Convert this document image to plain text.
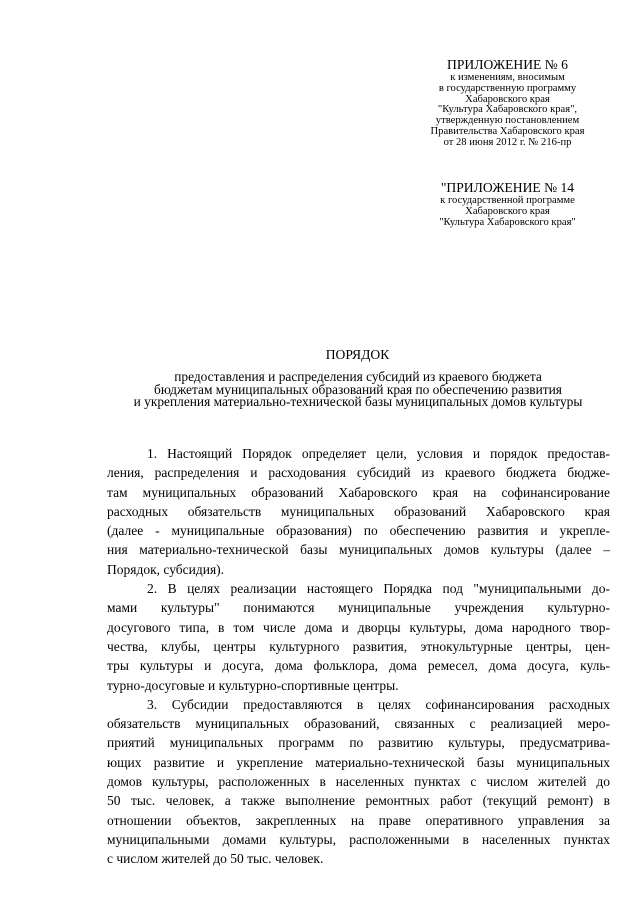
ПРИЛОЖЕНИЕ № 6
к изменениям, вносимым
в государственную программу
Хабаровского края
"Культура Хабаровского края",
утвержденную постановлением
Правительства Хабаровского края
от 28 июня 2012 г. № 216-пр
"ПРИЛОЖЕНИЕ № 14
к государственной программе
Хабаровского края
"Культура Хабаровского края"
ПОРЯДОК
предоставления и распределения субсидий из краевого бюджета
бюджетам муниципальных образований края по обеспечению развития
и укрепления материально-технической базы муниципальных домов культуры

1. Настоящий Порядок определяет цели, условия и порядок предостав-
ления, распределения и расходования субсидий из краевого бюджета бюдже-
там муниципальных образований Хабаровского края на софинансирование
расходных обязательств муниципальных образований Хабаровского края
(далее - муниципальные образования) по обеспечению развития и укрепле-
ния материально-технической базы муниципальных домов культуры (далее –
Порядок, субсидия).

2. В целях реализации настоящего Порядка под "муниципальными до-
мами культуры" понимаются муниципальные учреждения культурно-
досугового типа, в том числе дома и дворцы культуры, дома народного твор-
чества, клубы, центры культурного развития, этнокультурные центры, цен-
тры культуры и досуга, дома фольклора, дома ремесел, дома досуга, куль-
турно-досуговые и культурно-спортивные центры.

3. Субсидии предоставляются в целях софинансирования расходных
обязательств муниципальных образований, связанных с реализацией меро-
приятий муниципальных программ по развитию культуры, предусматрива-
ющих развитие и укрепление материально-технической базы муниципальных
домов культуры, расположенных в населенных пунктах с числом жителей до
50 тыс. человек, а также выполнение ремонтных работ (текущий ремонт) в
отношении объектов, закрепленных на праве оперативного управления за
муниципальными домами культуры, расположенными в населенных пунктах
с числом жителей до 50 тыс. человек.
